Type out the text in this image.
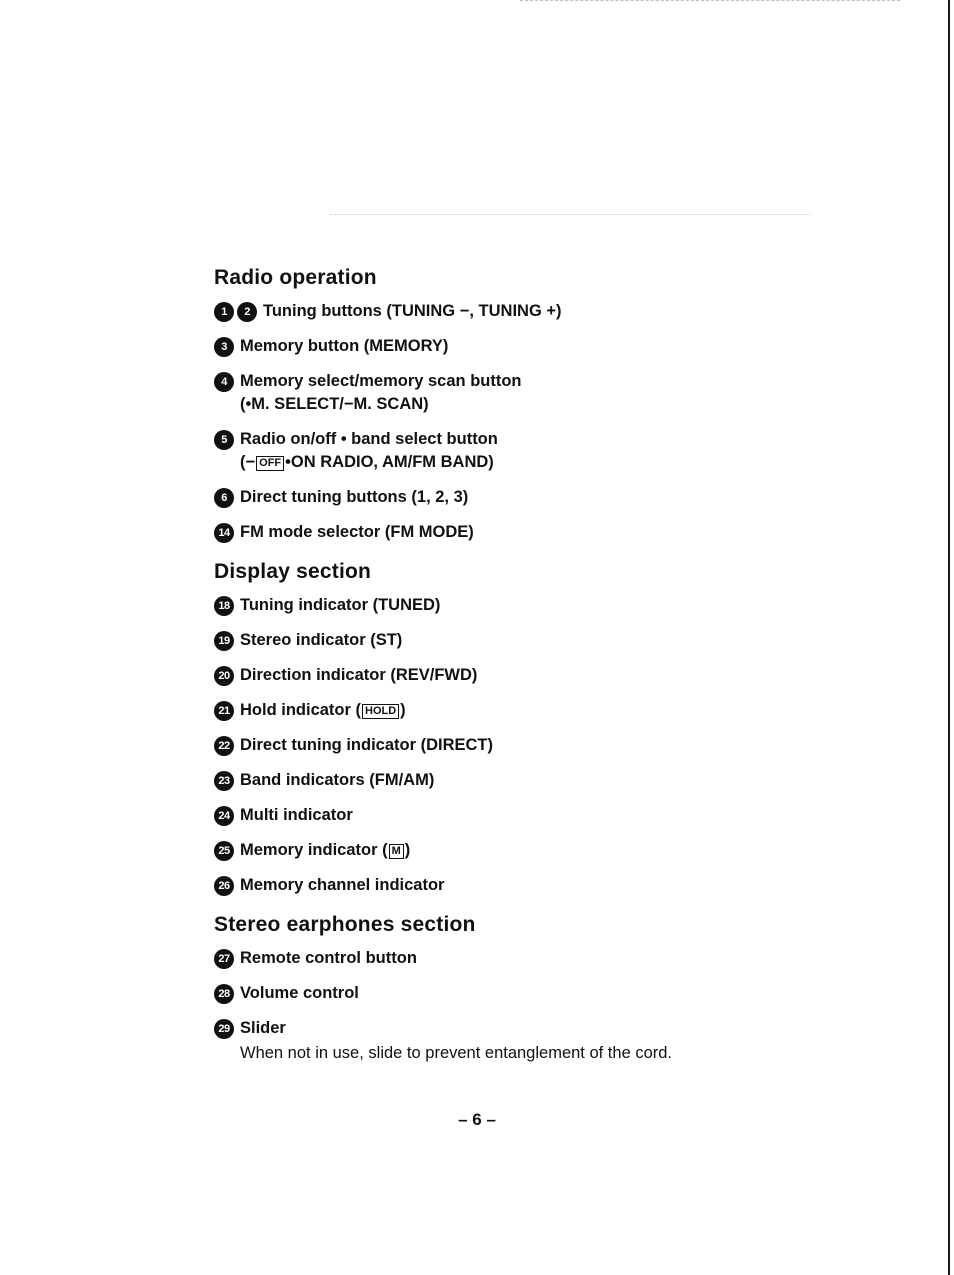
Radio operation
1	2 Tuning buttons (TUNING −, TUNING +)
3 Memory button (MEMORY)
4 Memory select/memory scan button
(•M. SELECT/−M. SCAN)
5 Radio on/off • band select button
(− OFF •ON RADIO, AM/FM BAND)
6 Direct tuning buttons (1, 2, 3)
14 FM mode selector (FM MODE)
Display section
18 Tuning indicator (TUNED)
19 Stereo indicator (ST)
20 Direction indicator (REV/FWD)
21 Hold indicator ( HOLD )
22 Direct tuning indicator (DIRECT)
23 Band indicators (FM/AM)
24 Multi indicator
25 Memory indicator ( M )
26 Memory channel indicator
Stereo earphones section
27 Remote control button
28 Volume control
29 Slider
When not in use, slide to prevent entanglement of the cord.
– 6 –
